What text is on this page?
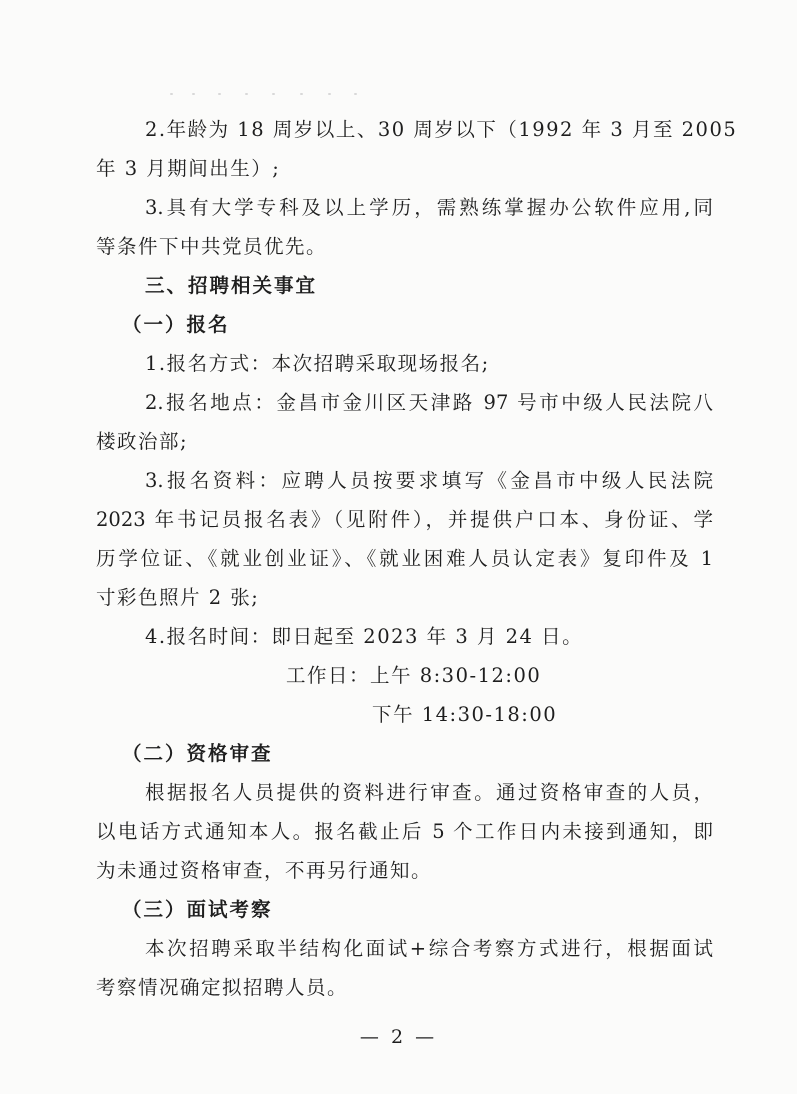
2.年龄为 18 周岁以上、30 周岁以下（1992 年 3 月至 2005
年 3 月期间出生）;
3.具有大学专科及以上学历，需熟练掌握办公软件应用,同
等条件下中共党员优先。
三、招聘相关事宜
（一）报名
1.报名方式：本次招聘采取现场报名;
2.报名地点：金昌市金川区天津路 97 号市中级人民法院八
楼政治部;
3.报名资料：应聘人员按要求填写《金昌市中级人民法院
2023 年书记员报名表》（见附件），并提供户口本、身份证、学
历学位证、《就业创业证》、《就业困难人员认定表》复印件及 1
寸彩色照片 2 张;
4.报名时间：即日起至 2023 年 3 月 24 日。
工作日：上午 8:30-12:00
下午 14:30-18:00
（二）资格审查
根据报名人员提供的资料进行审查。通过资格审查的人员，
以电话方式通知本人。报名截止后 5 个工作日内未接到通知，即
为未通过资格审查，不再另行通知。
（三）面试考察
本次招聘采取半结构化面试+综合考察方式进行，根据面试
考察情况确定拟招聘人员。
— 2 —
